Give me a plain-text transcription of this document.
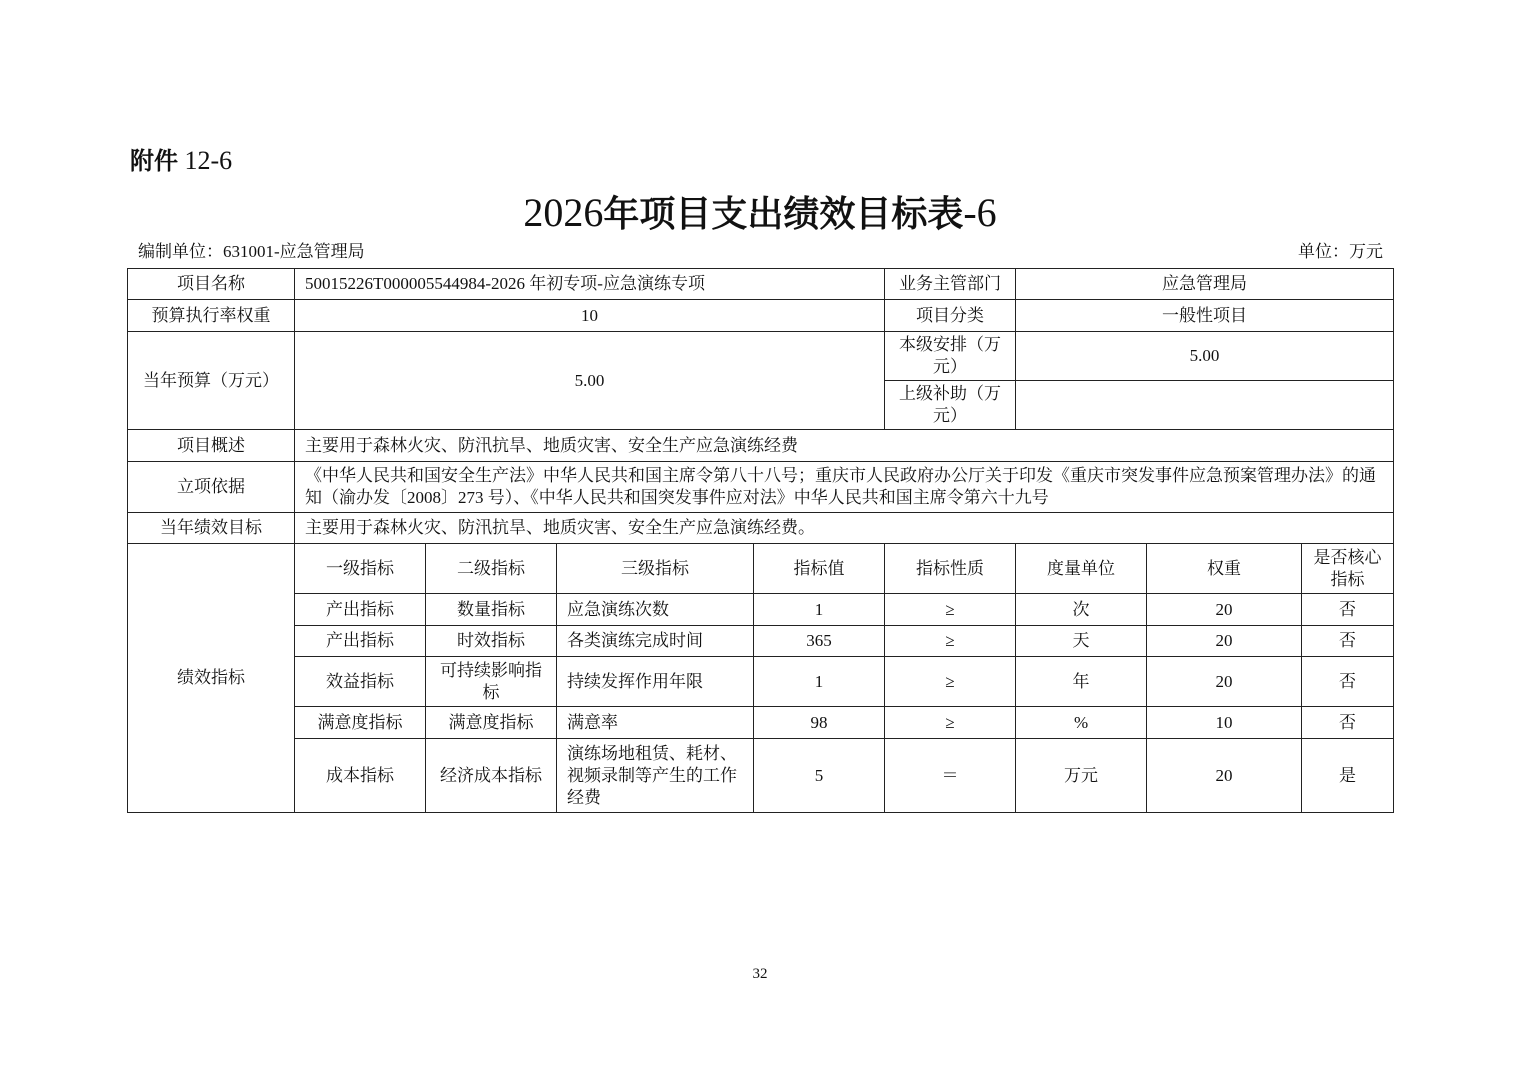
附件 12-6
2026年项目支出绩效目标表-6
编制单位：631001-应急管理局	单位：万元
项目名称	50015226T000005544984-2026 年初专项-应急演练专项				业务主管部门	应急管理局		
预算执行率权重	10				项目分类	一般性项目		
当年预算（万元）	5.00				本级安排（万元）	5.00		
					上级补助（万元）			
项目概述	主要用于森林火灾、防汛抗旱、地质灾害、安全生产应急演练经费							
立项依据	《中华人民共和国安全生产法》中华人民共和国主席令第八十八号；重庆市人民政府办公厅关于印发《重庆市突发事件应急预案管理办法》的通知（渝办发〔2008〕273 号）、《中华人民共和国突发事件应对法》中华人民共和国主席令第六十九号							
当年绩效目标	主要用于森林火灾、防汛抗旱、地质灾害、安全生产应急演练经费。							
绩效指标	一级指标	二级指标	三级指标	指标值	指标性质	度量单位	权重	是否核心指标
	产出指标	数量指标	应急演练次数	1	≥	次	20	否
	产出指标	时效指标	各类演练完成时间	365	≥	天	20	否
	效益指标	可持续影响指标	持续发挥作用年限	1	≥	年	20	否
	满意度指标	满意度指标	满意率	98	≥	%	10	否
	成本指标	经济成本指标	演练场地租赁、耗材、视频录制等产生的工作经费	5	＝	万元	20	是
32
